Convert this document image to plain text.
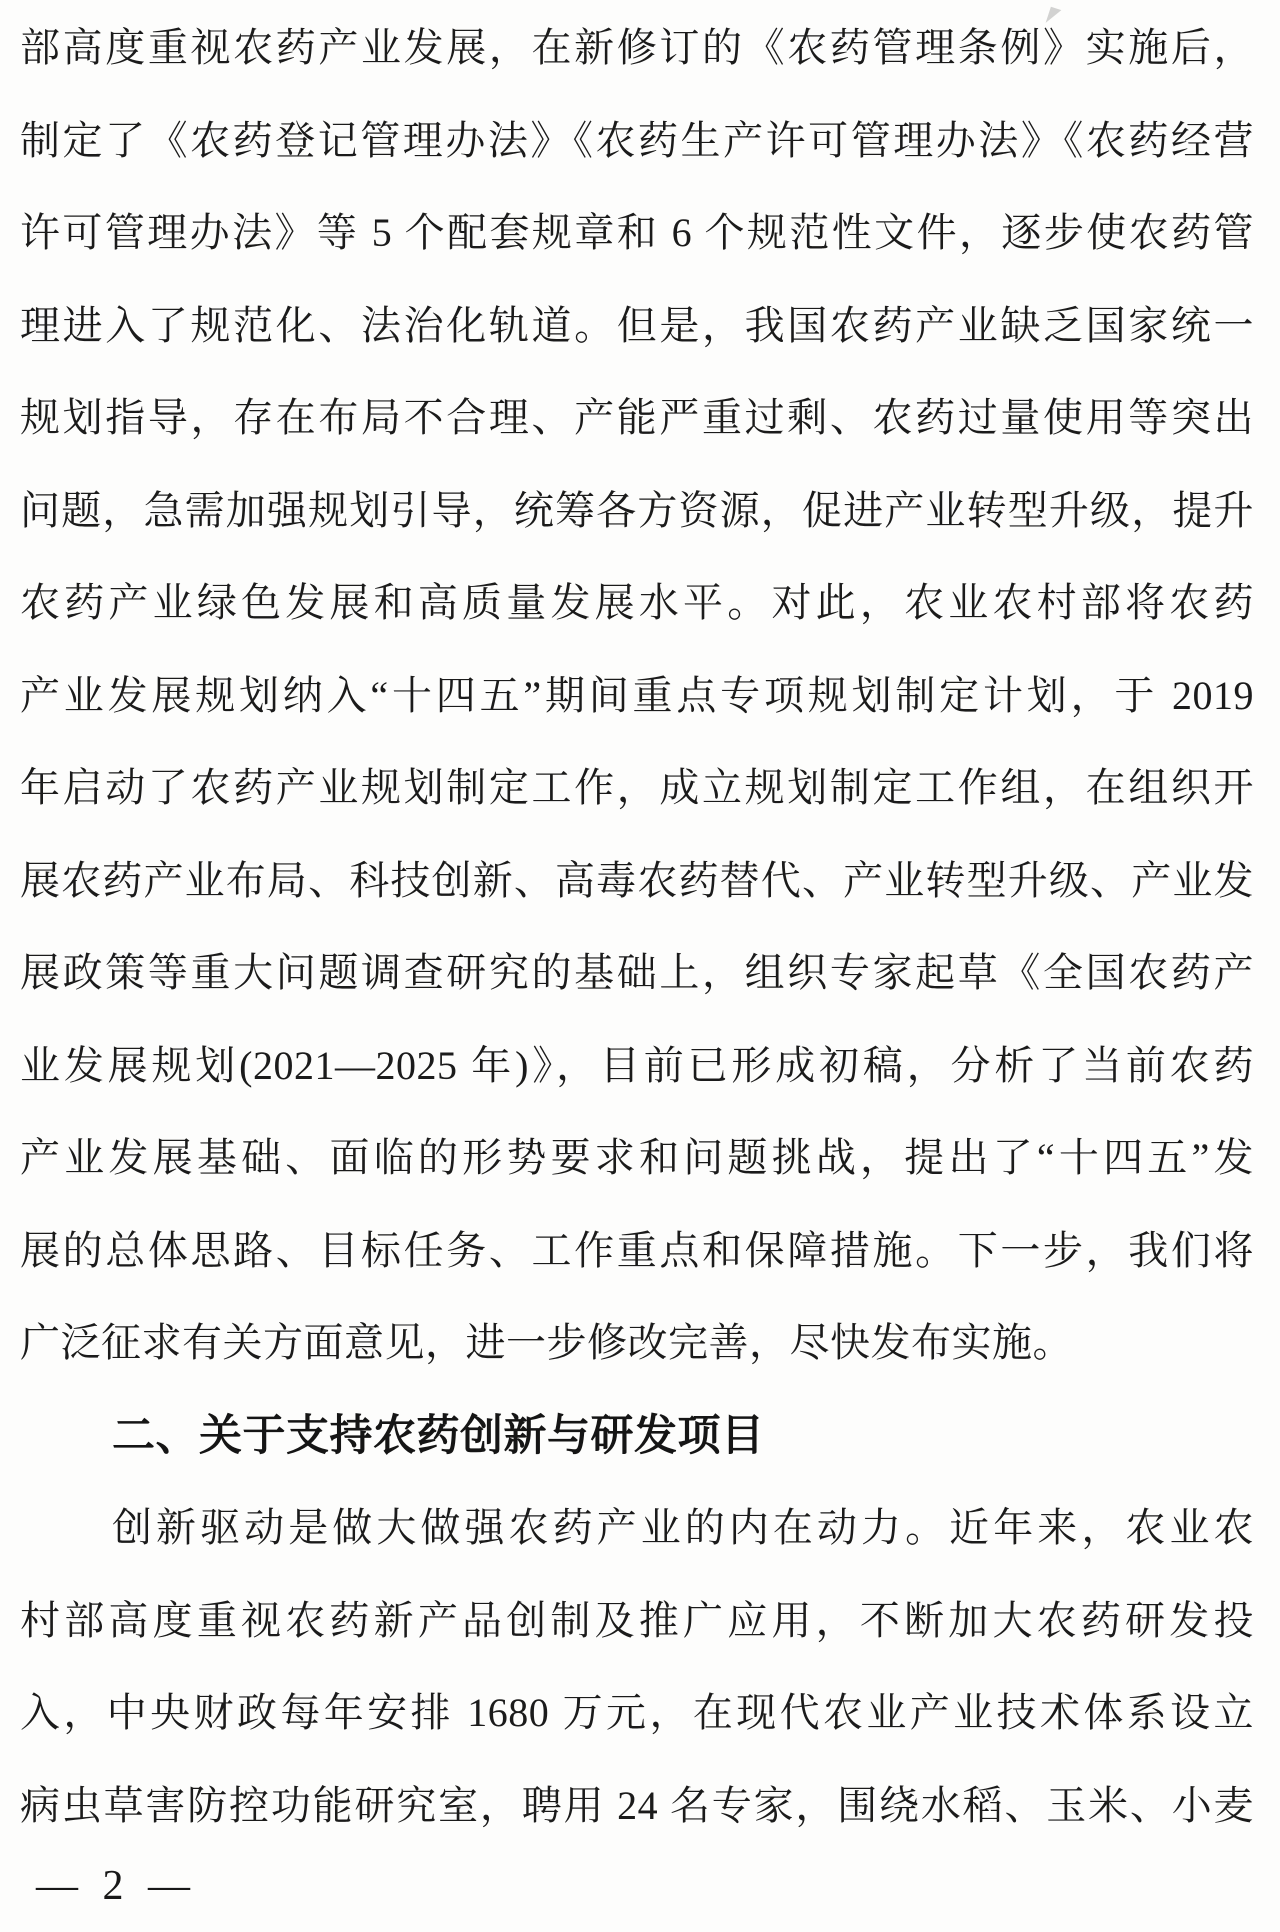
部高度重视农药产业发展，在新修订的《农药管理条例》实施后，
制定了《农药登记管理办法》《农药生产许可管理办法》《农药经营
许可管理办法》等 5 个配套规章和 6 个规范性文件，逐步使农药管
理进入了规范化、法治化轨道。但是，我国农药产业缺乏国家统一
规划指导，存在布局不合理、产能严重过剩、农药过量使用等突出
问题，急需加强规划引导，统筹各方资源，促进产业转型升级，提升
农药产业绿色发展和高质量发展水平。对此，农业农村部将农药
产业发展规划纳入“十四五”期间重点专项规划制定计划，于 2019
年启动了农药产业规划制定工作，成立规划制定工作组，在组织开
展农药产业布局、科技创新、高毒农药替代、产业转型升级、产业发
展政策等重大问题调查研究的基础上，组织专家起草《全国农药产
业发展规划(2021—2025 年)》，目前已形成初稿，分析了当前农药
产业发展基础、面临的形势要求和问题挑战，提出了“十四五”发
展的总体思路、目标任务、工作重点和保障措施。下一步，我们将
广泛征求有关方面意见，进一步修改完善，尽快发布实施。
二、关于支持农药创新与研发项目
创新驱动是做大做强农药产业的内在动力。近年来，农业农
村部高度重视农药新产品创制及推广应用，不断加大农药研发投
入，中央财政每年安排 1680 万元，在现代农业产业技术体系设立
病虫草害防控功能研究室，聘用 24 名专家，围绕水稻、玉米、小麦
— 2 —
